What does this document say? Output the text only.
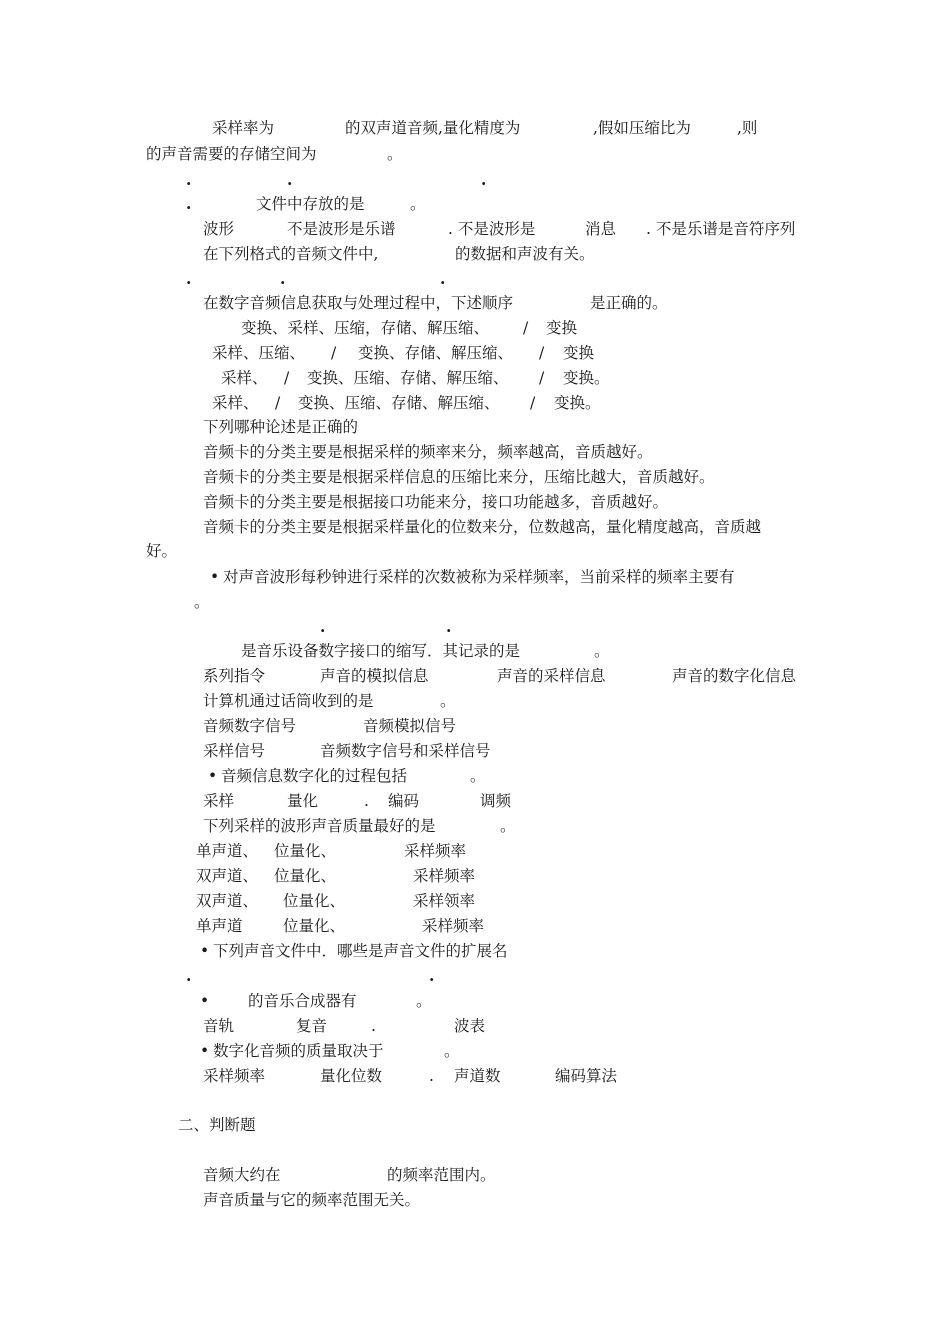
采样率为	的双声道音频,量化精度为	,假如压缩比为	,则
的声音需要的存储空间为	。
.	.	.
.	文件中存放的是	。
波形	不是波形是乐谱	. 不是波形是	消息 . 不是乐谱是音符序列
在下列格式的音频文件中,	的数据和声波有关。
.	.	.
在数字音频信息获取与处理过程中，下述顺序	是正确的。
变换、采样、压缩，存储、解压缩、 / 变换
采样、压缩、 / 变换、存储、解压缩、 / 变换
采样、 / 变换、压缩、存储、解压缩、 / 变换。
采样、 / 变换、压缩、存储、解压缩、 / 变换。
下列哪种论述是正确的
音频卡的分类主要是根据采样的频率来分，频率越高，音质越好。
音频卡的分类主要是根据采样信息的压缩比来分，压缩比越大，音质越好。
音频卡的分类主要是根据接口功能来分，接口功能越多，音质越好。
音频卡的分类主要是根据采样量化的位数来分，位数越高，量化精度越高，音质越
好。
• 对声音波形每秒钟进行采样的次数被称为采样频率，当前采样的频率主要有
。
.	.
是音乐设备数字接口的缩写．其记录的是	。
系列指令	声音的模拟信息	声音的采样信息	声音的数字化信息
计算机通过话筒收到的是	。
音频数字信号	音频模拟信号
采样信号	音频数字信号和采样信号
• 音频信息数字化的过程包括	。
采样	量化	. 编码	调频
下列采样的波形声音质量最好的是	。
单声道、 位量化、	采样频率
双声道、 位量化、	采样频率
双声道、 位量化、	采样领率
单声道	位量化、	采样频率
• 下列声音文件中．哪些是声音文件的扩展名
.	.
•	的音乐合成器有	。
音轨	复音	.	波表
• 数字化音频的质量取决于	。
采样频率	量化位数	. 声道数	编码算法
二、判断题
音频大约在	的频率范围内。
声音质量与它的频率范围无关。
